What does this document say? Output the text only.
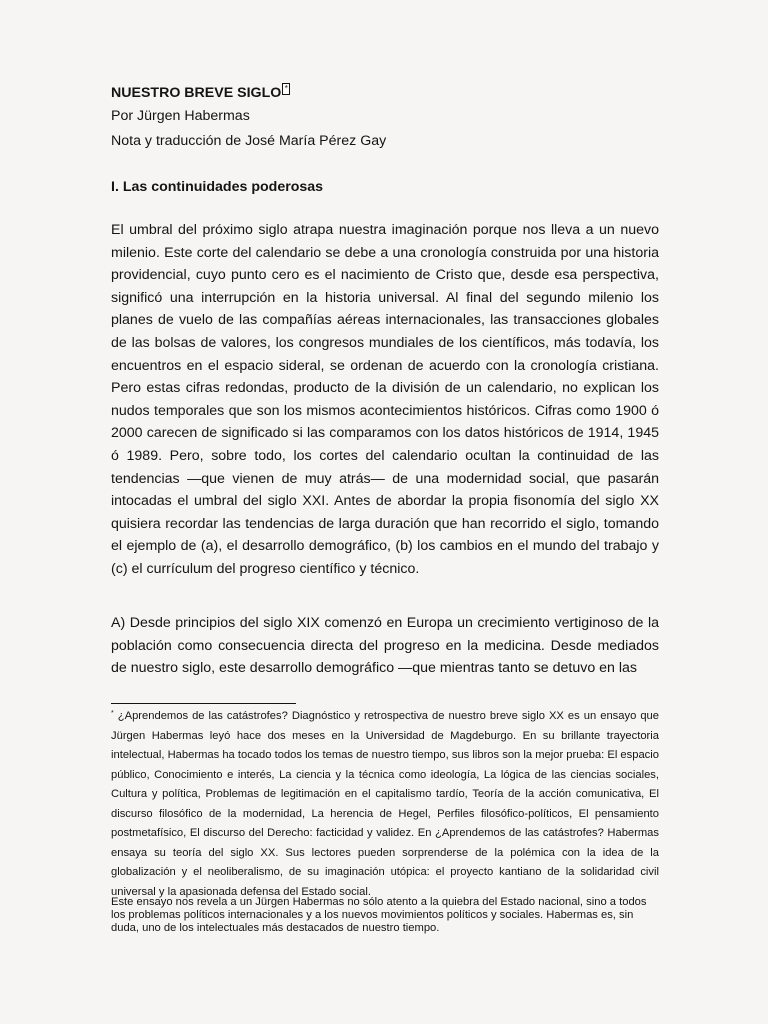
NUESTRO BREVE SIGLO *
Por Jürgen Habermas
Nota y traducción de José María Pérez Gay
I. Las continuidades poderosas

El umbral del próximo siglo atrapa nuestra imaginación porque nos lleva a un nuevo milenio. Este corte del calendario se debe a una cronología construida por una historia providencial, cuyo punto cero es el nacimiento de Cristo que, desde esa perspectiva, significó una interrupción en la historia universal. Al final del segundo milenio los planes de vuelo de las compañías aéreas internacionales, las transacciones globales de las bolsas de valores, los congresos mundiales de los científicos, más todavía, los encuentros en el espacio sideral, se ordenan de acuerdo con la cronología cristiana. Pero estas cifras redondas, producto de la división de un calendario, no explican los nudos temporales que son los mismos acontecimientos históricos. Cifras como 1900 ó 2000 carecen de significado si las comparamos con los datos históricos de 1914, 1945 ó 1989. Pero, sobre todo, los cortes del calendario ocultan la continuidad de las tendencias —que vienen de muy atrás— de una modernidad social, que pasarán intocadas el umbral del siglo XXI. Antes de abordar la propia fisonomía del siglo XX quisiera recordar las tendencias de larga duración que han recorrido el siglo, tomando el ejemplo de (a), el desarrollo demográfico, (b) los cambios en el mundo del trabajo y (c) el currículum del progreso científico y técnico.

A) Desde principios del siglo XIX comenzó en Europa un crecimiento vertiginoso de la población como consecuencia directa del progreso en la medicina. Desde mediados de nuestro siglo, este desarrollo demográfico —que mientras tanto se detuvo en las

* ¿Aprendemos de las catástrofes? Diagnóstico y retrospectiva de nuestro breve siglo XX es un ensayo que Jürgen Habermas leyó hace dos meses en la Universidad de Magdeburgo. En su brillante trayectoria intelectual, Habermas ha tocado todos los temas de nuestro tiempo, sus libros son la mejor prueba: El espacio público, Conocimiento e interés, La ciencia y la técnica como ideología, La lógica de las ciencias sociales, Cultura y política, Problemas de legitimación en el capitalismo tardío, Teoría de la acción comunicativa, El discurso filosófico de la modernidad, La herencia de Hegel, Perfiles filosófico-políticos, El pensamiento postmetafísico, El discurso del Derecho: facticidad y validez. En ¿Aprendemos de las catástrofes? Habermas ensaya su teoría del siglo XX. Sus lectores pueden sorprenderse de la polémica con la idea de la globalización y el neoliberalismo, de su imaginación utópica: el proyecto kantiano de la solidaridad civil universal y la apasionada defensa del Estado social.

Este ensayo nos revela a un Jürgen Habermas no sólo atento a la quiebra del Estado nacional, sino a todos los problemas políticos internacionales y a los nuevos movimientos políticos y sociales. Habermas es, sin duda, uno de los intelectuales más destacados de nuestro tiempo.
